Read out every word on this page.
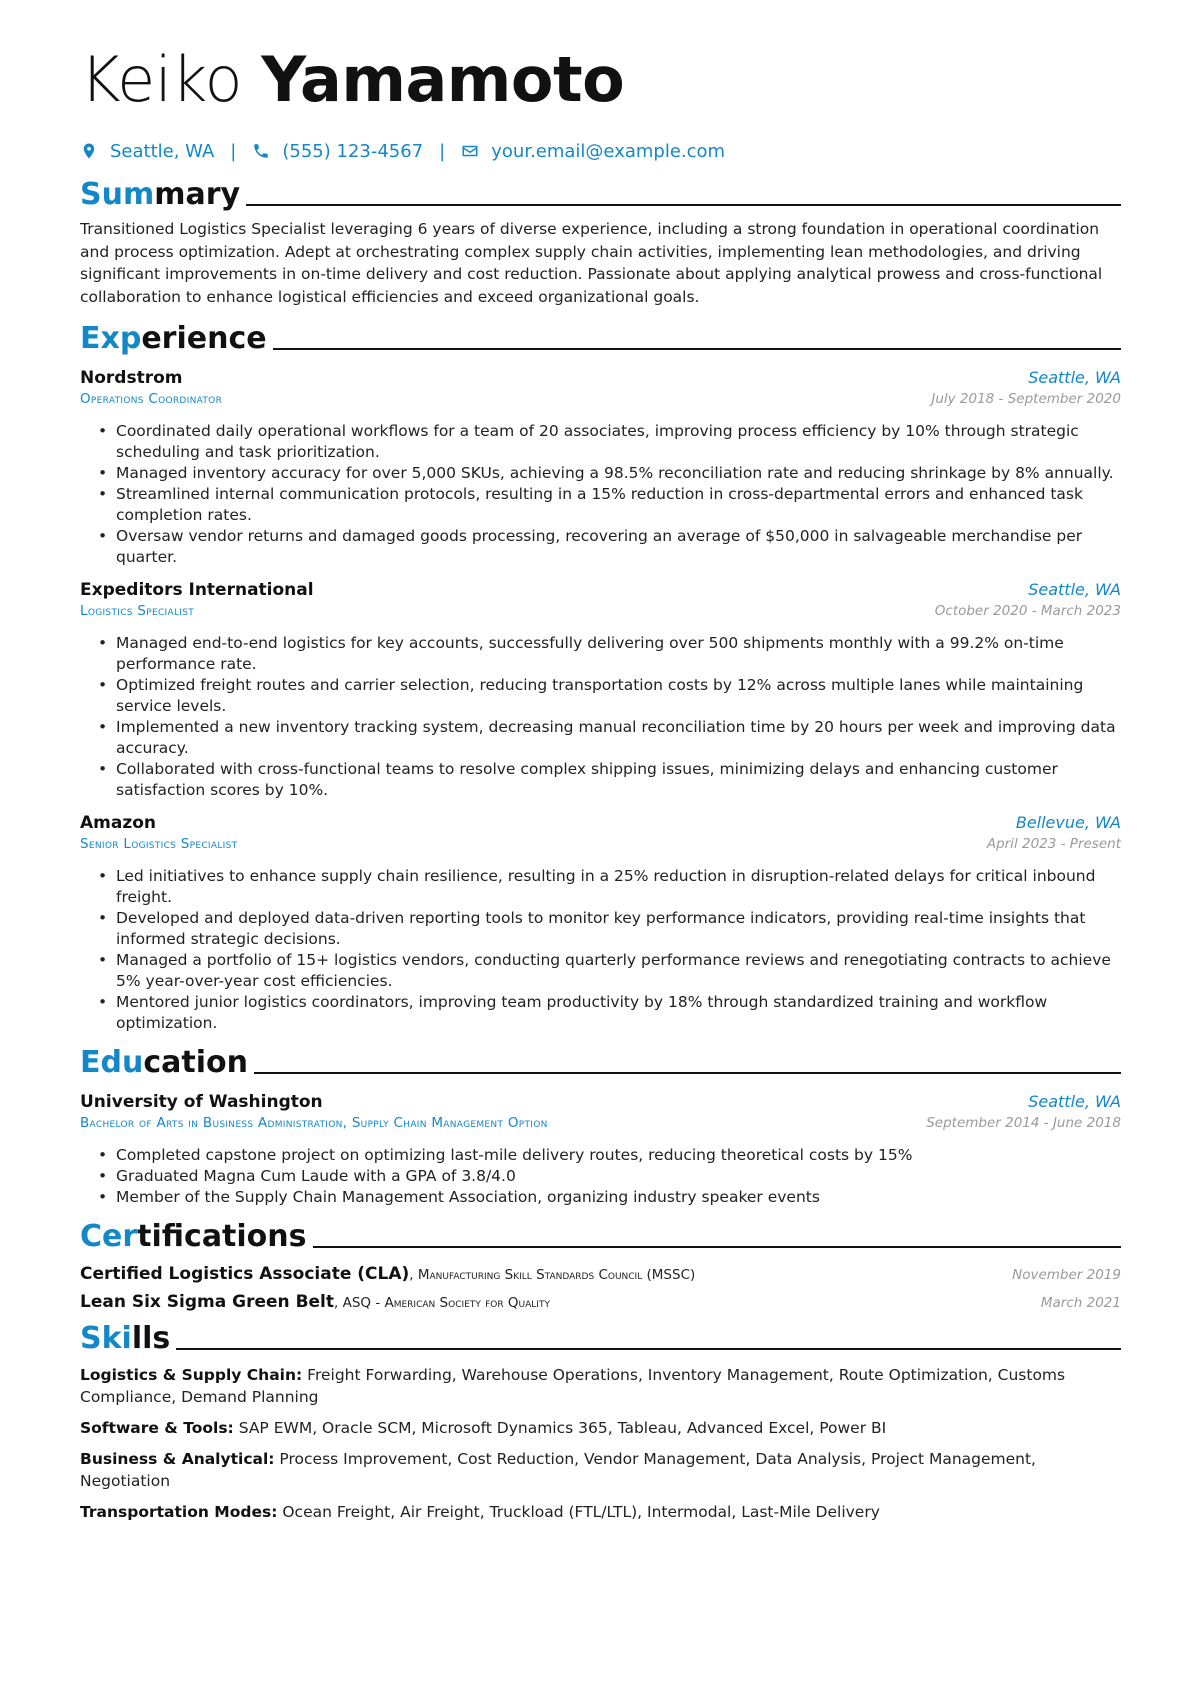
Keiko Yamamoto
Seattle, WA |	(555) 123-4567 |	your.email@example.com
Sum mary
Transitioned Logistics Specialist leveraging 6 years of diverse experience, including a strong foundation in operational coordination and process optimization. Adept at orchestrating complex supply chain activities, implementing lean methodologies, and driving significant improvements in on-time delivery and cost reduction. Passionate about applying analytical prowess and cross-functional collaboration to enhance logistical efficiencies and exceed organizational goals.
Exp erience
Nordstrom	Seattle, WA
Operations Coordinator	July 2018 - September 2020
• Coordinated daily operational workflows for a team of 20 associates, improving process efficiency by 10% through strategic scheduling and task prioritization.
• Managed inventory accuracy for over 5,000 SKUs, achieving a 98.5% reconciliation rate and reducing shrinkage by 8% annually.
• Streamlined internal communication protocols, resulting in a 15% reduction in cross-departmental errors and enhanced task completion rates.
• Oversaw vendor returns and damaged goods processing, recovering an average of $50,000 in salvageable merchandise per quarter.
Expeditors International	Seattle, WA
Logistics Specialist	October 2020 - March 2023
• Managed end-to-end logistics for key accounts, successfully delivering over 500 shipments monthly with a 99.2% on-time performance rate.
• Optimized freight routes and carrier selection, reducing transportation costs by 12% across multiple lanes while maintaining service levels.
• Implemented a new inventory tracking system, decreasing manual reconciliation time by 20 hours per week and improving data accuracy.
• Collaborated with cross-functional teams to resolve complex shipping issues, minimizing delays and enhancing customer satisfaction scores by 10%.
Amazon	Bellevue, WA
Senior Logistics Specialist	April 2023 - Present
• Led initiatives to enhance supply chain resilience, resulting in a 25% reduction in disruption-related delays for critical inbound freight.
• Developed and deployed data-driven reporting tools to monitor key performance indicators, providing real-time insights that informed strategic decisions.
• Managed a portfolio of 15+ logistics vendors, conducting quarterly performance reviews and renegotiating contracts to achieve 5% year-over-year cost efficiencies.
• Mentored junior logistics coordinators, improving team productivity by 18% through standardized training and workflow optimization.
Edu cation
University of Washington	Seattle, WA
Bachelor of Arts in Business Administration, Supply Chain Management Option	September 2014 - June 2018
• Completed capstone project on optimizing last-mile delivery routes, reducing theoretical costs by 15%
• Graduated Magna Cum Laude with a GPA of 3.8/4.0
• Member of the Supply Chain Management Association, organizing industry speaker events
Cer tifications
Certified Logistics Associate (CLA), Manufacturing Skill Standards Council (MSSC)	November 2019
Lean Six Sigma Green Belt, ASQ - American Society for Quality	March 2021
Ski lls
Logistics & Supply Chain: Freight Forwarding, Warehouse Operations, Inventory Management, Route Optimization, Customs Compliance, Demand Planning
Software & Tools: SAP EWM, Oracle SCM, Microsoft Dynamics 365, Tableau, Advanced Excel, Power BI
Business & Analytical: Process Improvement, Cost Reduction, Vendor Management, Data Analysis, Project Management, Negotiation
Transportation Modes: Ocean Freight, Air Freight, Truckload (FTL/LTL), Intermodal, Last-Mile Delivery
